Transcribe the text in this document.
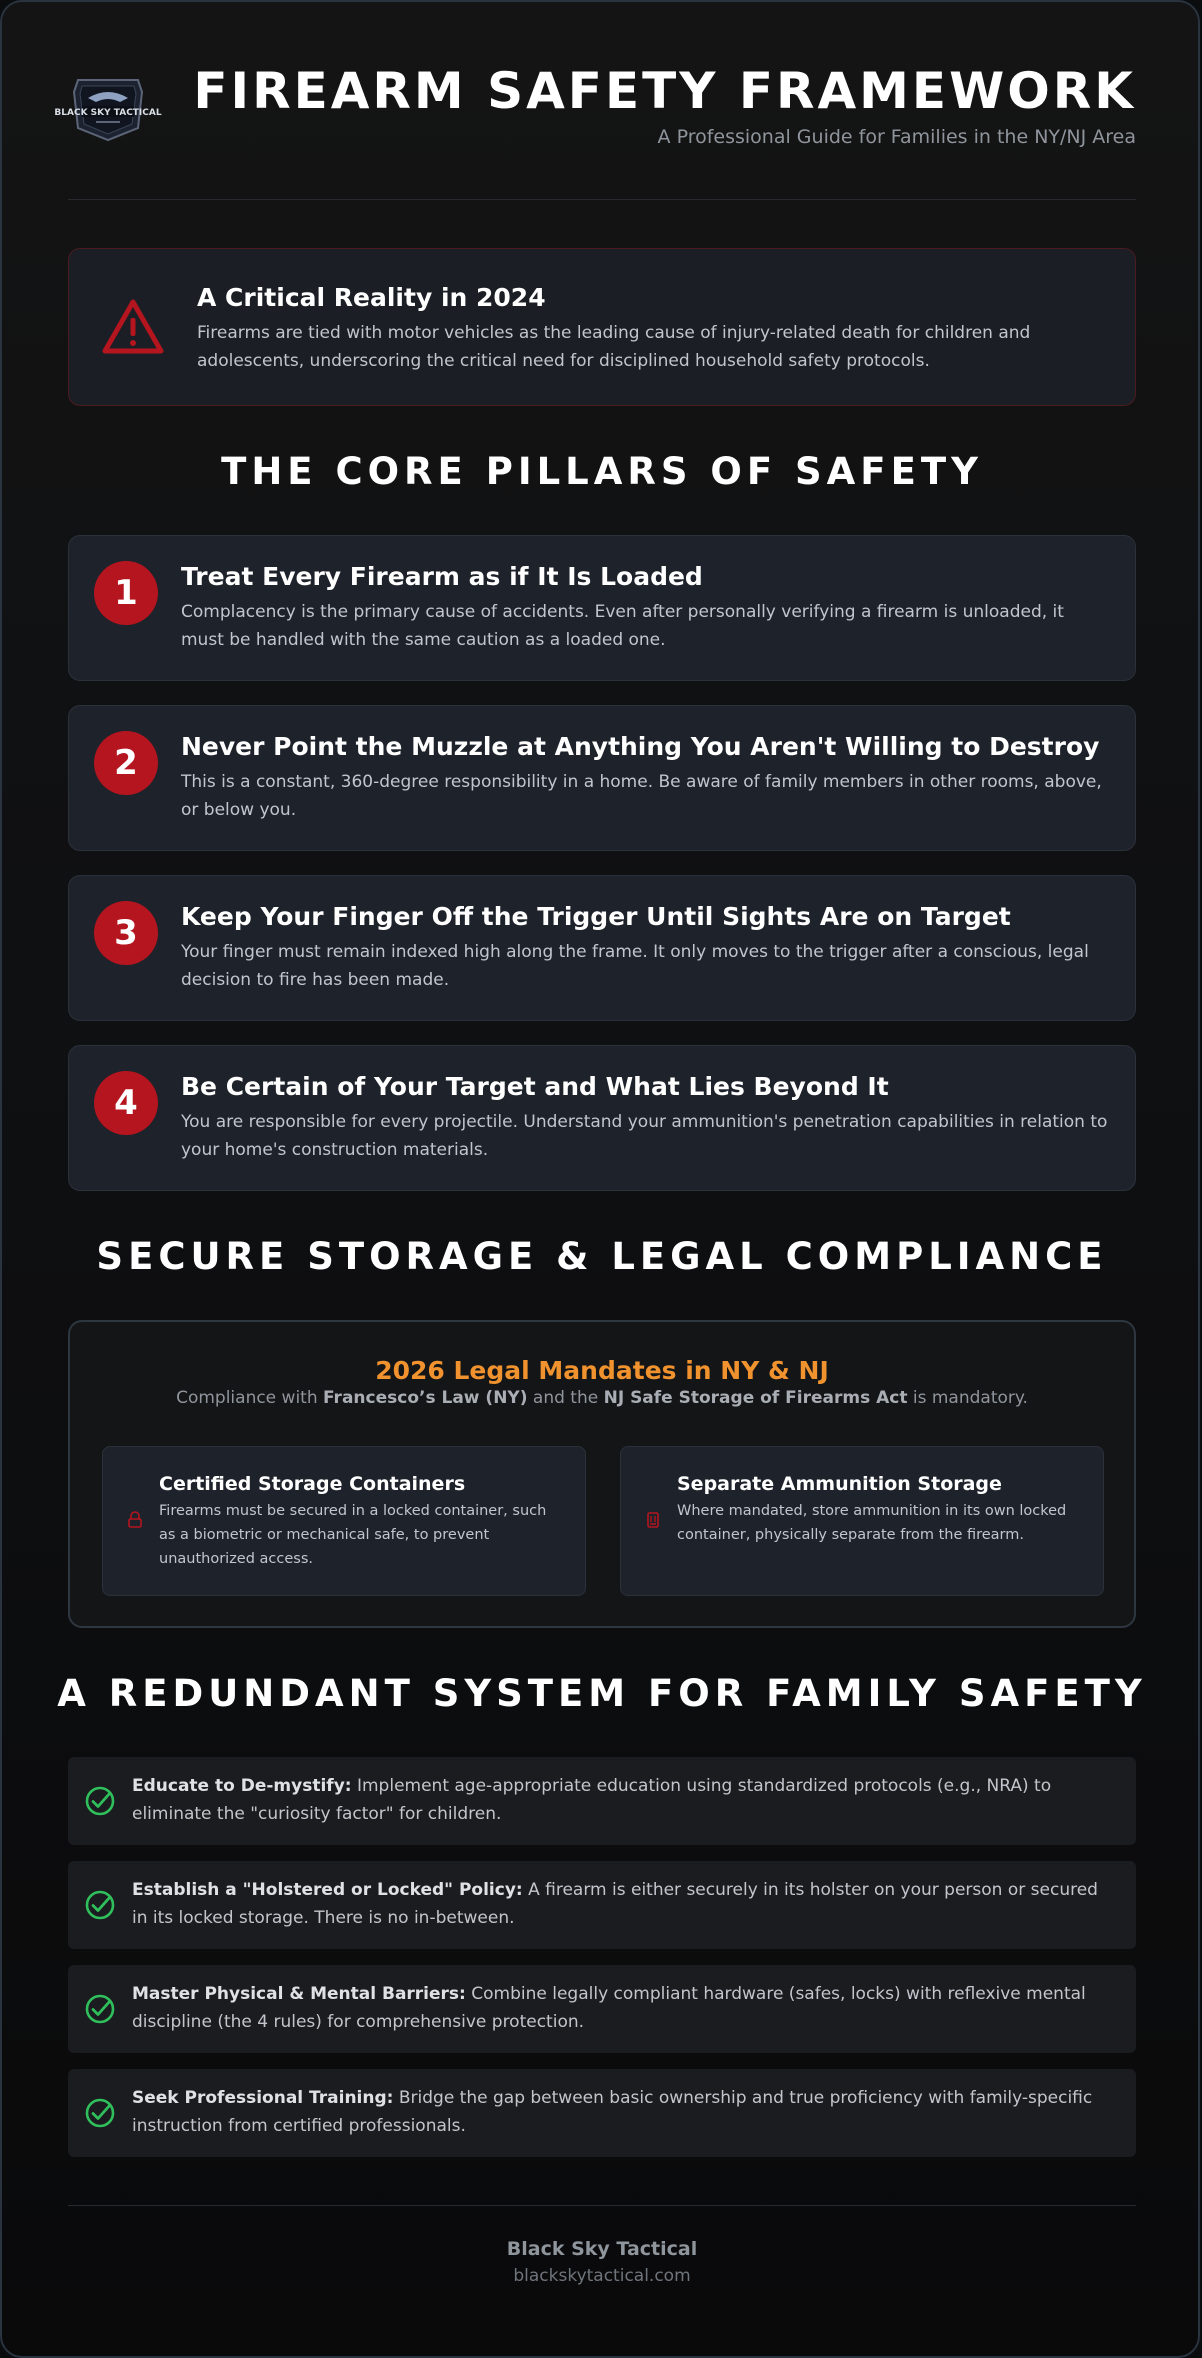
BLACK SKY TACTICAL FIREARM SAFETY FRAMEWORK
A Professional Guide for Families in the NY/NJ Area
A Critical Reality in 2024
Firearms are tied with motor vehicles as the leading cause of injury-related death for children and adolescents, underscoring the critical need for disciplined household safety protocols.
THE CORE PILLARS OF SAFETY
1	Treat Every Firearm as if It Is Loaded
Complacency is the primary cause of accidents. Even after personally verifying a firearm is unloaded, it must be handled with the same caution as a loaded one.
2	Never Point the Muzzle at Anything You Aren't Willing to Destroy
This is a constant, 360-degree responsibility in a home. Be aware of family members in other rooms, above, or below you.
3	Keep Your Finger Off the Trigger Until Sights Are on Target
Your finger must remain indexed high along the frame. It only moves to the trigger after a conscious, legal decision to fire has been made.
4	Be Certain of Your Target and What Lies Beyond It
You are responsible for every projectile. Understand your ammunition's penetration capabilities in relation to your home's construction materials.
SECURE STORAGE & LEGAL COMPLIANCE
2026 Legal Mandates in NY & NJ
Compliance with Francesco’s Law (NY) and the NJ Safe Storage of Firearms Act is mandatory.
Certified Storage Containers
Firearms must be secured in a locked container, such as a biometric or mechanical safe, to prevent unauthorized access.
Separate Ammunition Storage
Where mandated, store ammunition in its own locked container, physically separate from the firearm.
A REDUNDANT SYSTEM FOR FAMILY SAFETY
Educate to De-mystify: Implement age-appropriate education using standardized protocols (e.g., NRA) to eliminate the "curiosity factor" for children.
Establish a "Holstered or Locked" Policy: A firearm is either securely in its holster on your person or secured in its locked storage. There is no in-between.
Master Physical & Mental Barriers: Combine legally compliant hardware (safes, locks) with reflexive mental discipline (the 4 rules) for comprehensive protection.
Seek Professional Training: Bridge the gap between basic ownership and true proficiency with family-specific instruction from certified professionals.
Black Sky Tactical
blackskytactical.com
